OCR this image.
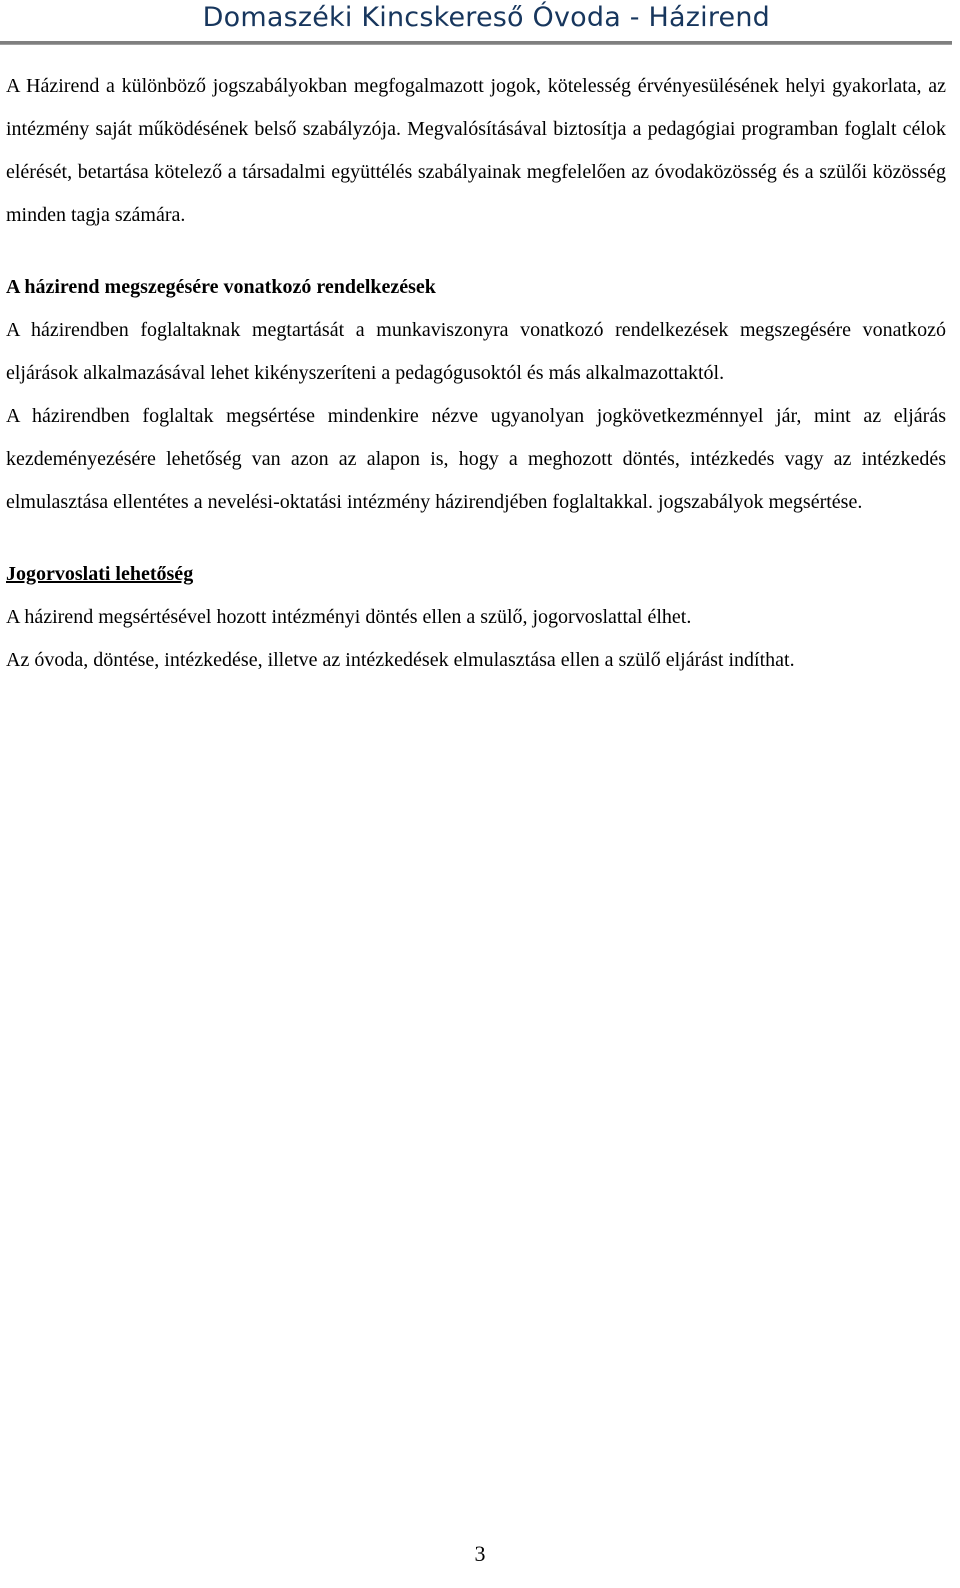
Domaszéki Kincskereső Óvoda - Házirend

A Házirend a különböző jogszabályokban megfogalmazott jogok, kötelesség érvényesülésének helyi gyakorlata, az intézmény saját működésének belső szabályzója. Megvalósításával biztosítja a pedagógiai programban foglalt célok elérését, betartása kötelező a társadalmi együttélés szabályainak megfelelően az óvodaközösség és a szülői közösség minden tagja számára.

A házirend megszegésére vonatkozó rendelkezések

A házirendben foglaltaknak megtartását a munkaviszonyra vonatkozó rendelkezések megszegésére vonatkozó eljárások alkalmazásával lehet kikényszeríteni a pedagógusoktól és más alkalmazottaktól.

A házirendben foglaltak megsértése mindenkire nézve ugyanolyan jogkövetkezménnyel jár, mint az eljárás kezdeményezésére lehetőség van azon az alapon is, hogy a meghozott döntés, intézkedés vagy az intézkedés elmulasztása ellentétes a nevelési-oktatási intézmény házirendjében foglaltakkal. jogszabályok megsértése.

Jogorvoslati lehetőség

A házirend megsértésével hozott intézményi döntés ellen a szülő, jogorvoslattal élhet.

Az óvoda, döntése, intézkedése, illetve az intézkedések elmulasztása ellen a szülő eljárást indíthat.

3
